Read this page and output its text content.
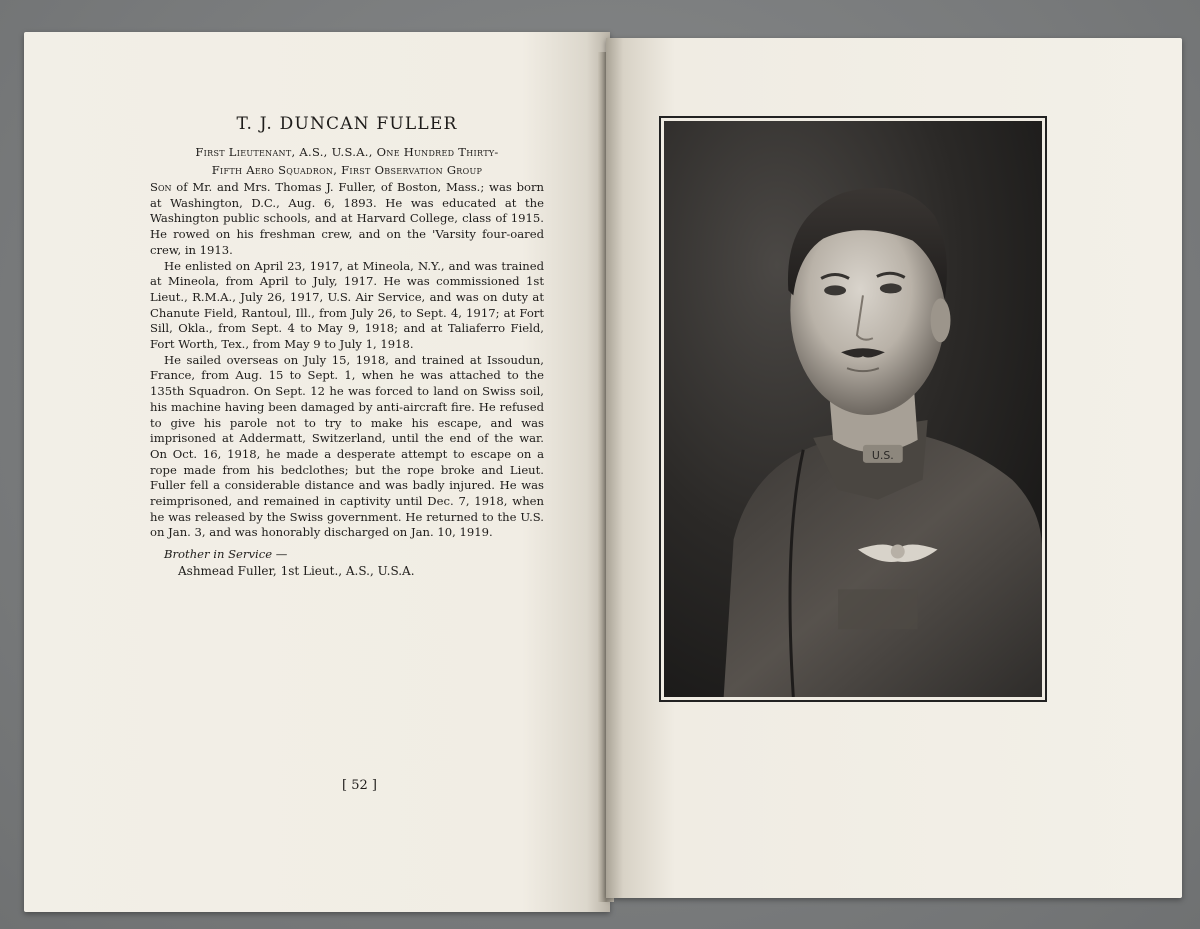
T. J. DUNCAN FULLER
First Lieutenant, A.S., U.S.A., One Hundred Thirty-
Fifth Aero Squadron, First Observation Group

Son of Mr. and Mrs. Thomas J. Fuller, of Boston, Mass.; was born at Washington, D.C., Aug. 6, 1893. He was educated at the Washington public schools, and at Harvard College, class of 1915. He rowed on his freshman crew, and on the 'Varsity four-oared crew, in 1913.

He enlisted on April 23, 1917, at Mineola, N.Y., and was trained at Mineola, from April to July, 1917. He was commissioned 1st Lieut., R.M.A., July 26, 1917, U.S. Air Service, and was on duty at Chanute Field, Rantoul, Ill., from July 26, to Sept. 4, 1917; at Fort Sill, Okla., from Sept. 4 to May 9, 1918; and at Taliaferro Field, Fort Worth, Tex., from May 9 to July 1, 1918.

He sailed overseas on July 15, 1918, and trained at Issoudun, France, from Aug. 15 to Sept. 1, when he was attached to the 135th Squadron. On Sept. 12 he was forced to land on Swiss soil, his machine having been damaged by anti-aircraft fire. He refused to give his parole not to try to make his escape, and was imprisoned at Addermatt, Switzerland, until the end of the war. On Oct. 16, 1918, he made a desperate attempt to escape on a rope made from his bedclothes; but the rope broke and Lieut. Fuller fell a considerable distance and was badly injured. He was reimprisoned, and remained in captivity until Dec. 7, 1918, when he was released by the Swiss government. He returned to the U.S. on Jan. 3, and was honorably discharged on Jan. 10, 1919.

Brother in Service —
Ashmead Fuller, 1st Lieut., A.S., U.S.A.
[ 52 ]
U.S.
